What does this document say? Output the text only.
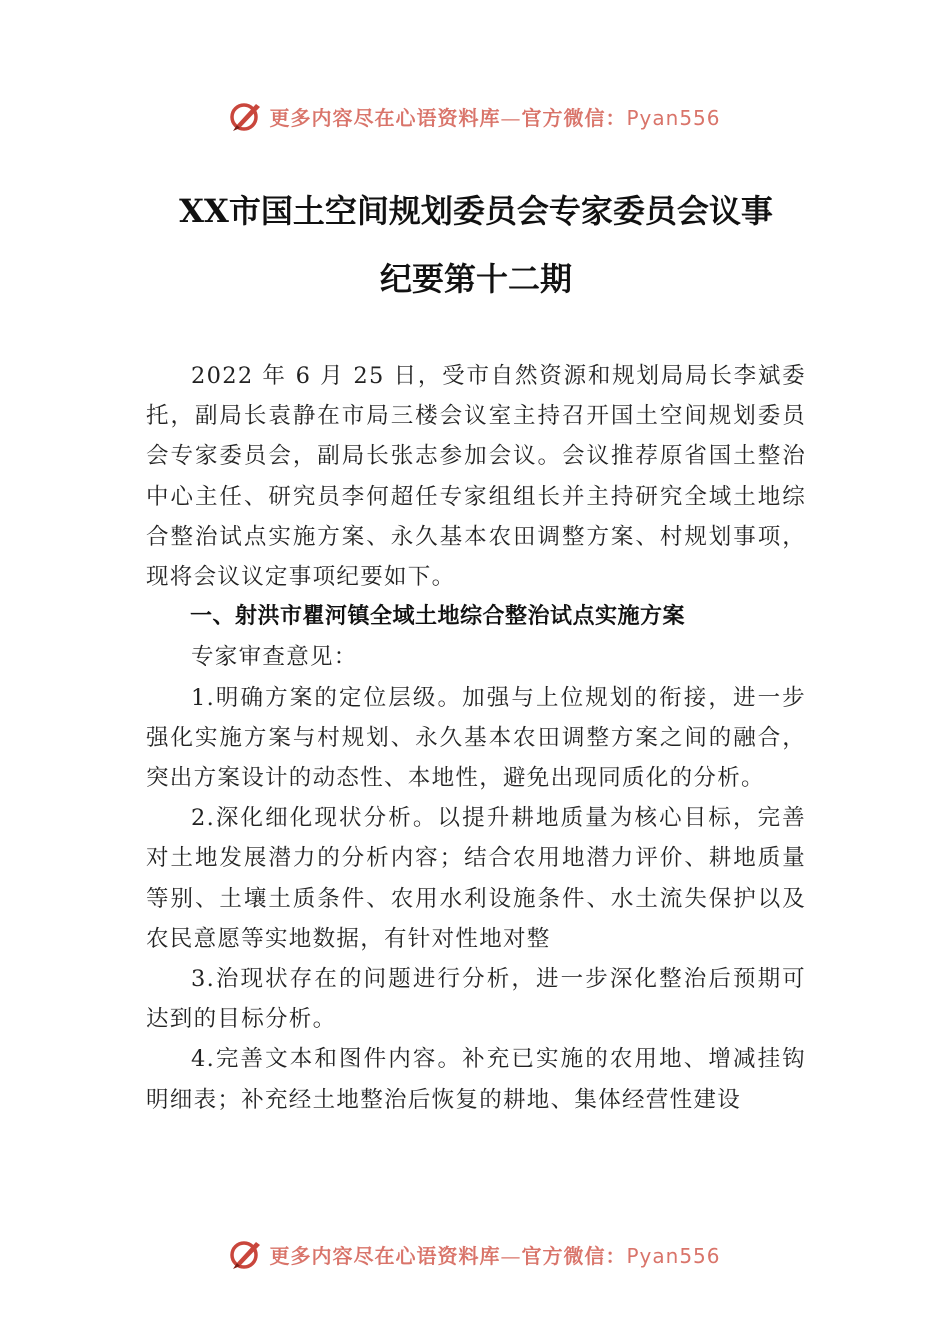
更多内容尽在心语资料库—官方微信：Pyan556
XX市国土空间规划委员会专家委员会议事
纪要第十二期

2022 年 6 月 25 日，受市自然资源和规划局局长李斌委托，副局长袁静在市局三楼会议室主持召开国土空间规划委员会专家委员会，副局长张志参加会议。会议推荐原省国土整治中心主任、研究员李何超任专家组组长并主持研究全域土地综合整治试点实施方案、永久基本农田调整方案、村规划事项，现将会议议定事项纪要如下。

一、射洪市瞿河镇全域土地综合整治试点实施方案

专家审查意见：

1.明确方案的定位层级。加强与上位规划的衔接，进一步强化实施方案与村规划、永久基本农田调整方案之间的融合，突出方案设计的动态性、本地性，避免出现同质化的分析。

2.深化细化现状分析。以提升耕地质量为核心目标，完善对土地发展潜力的分析内容；结合农用地潜力评价、耕地质量等别、土壤土质条件、农用水利设施条件、水土流失保护以及农民意愿等实地数据，有针对性地对整

3.治现状存在的问题进行分析，进一步深化整治后预期可达到的目标分析。

4.完善文本和图件内容。补充已实施的农用地、增减挂钩明细表；补充经土地整治后恢复的耕地、集体经营性建设

更多内容尽在心语资料库—官方微信：Pyan556
